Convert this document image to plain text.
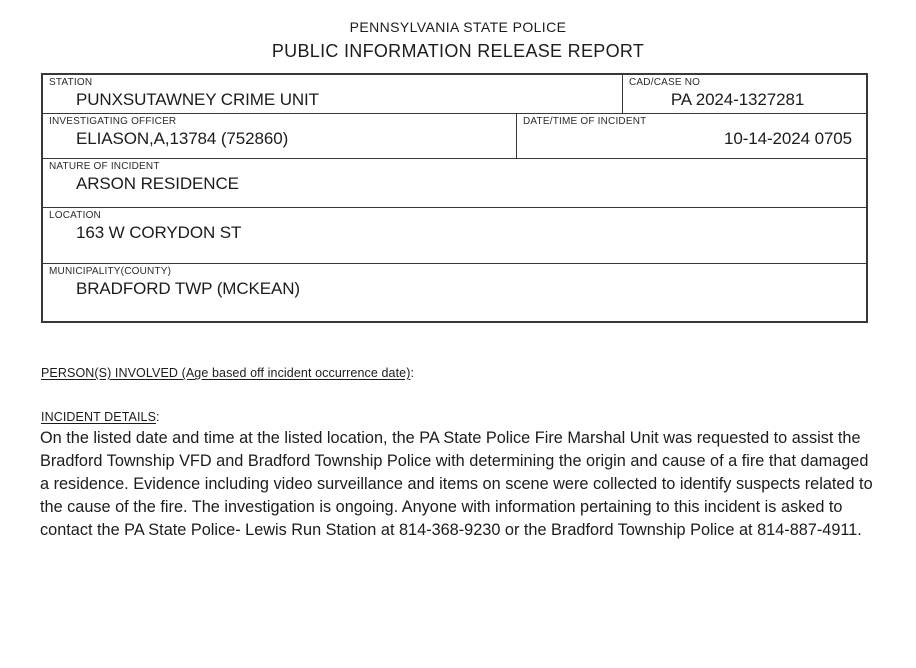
PENNSYLVANIA STATE POLICE
PUBLIC INFORMATION RELEASE REPORT
STATION
PUNXSUTAWNEY CRIME UNIT
CAD/CASE NO
PA 2024-1327281
INVESTIGATING OFFICER
ELIASON,A,13784 (752860)
DATE/TIME OF INCIDENT
10-14-2024 0705
NATURE OF INCIDENT
ARSON RESIDENCE
LOCATION
163 W CORYDON ST
MUNICIPALITY(COUNTY)
BRADFORD TWP (MCKEAN)
PERSON(S) INVOLVED (Age based off incident occurrence date):
INCIDENT DETAILS:

On the listed date and time at the listed location, the PA State Police Fire Marshal Unit was requested to assist the Bradford Township VFD and Bradford Township Police with determining the origin and cause of a fire that damaged a residence. Evidence including video surveillance and items on scene were collected to identify suspects related to the cause of the fire. The investigation is ongoing. Anyone with information pertaining to this incident is asked to contact the PA State Police- Lewis Run Station at 814-368-9230 or the Bradford Township Police at 814-887-4911.
